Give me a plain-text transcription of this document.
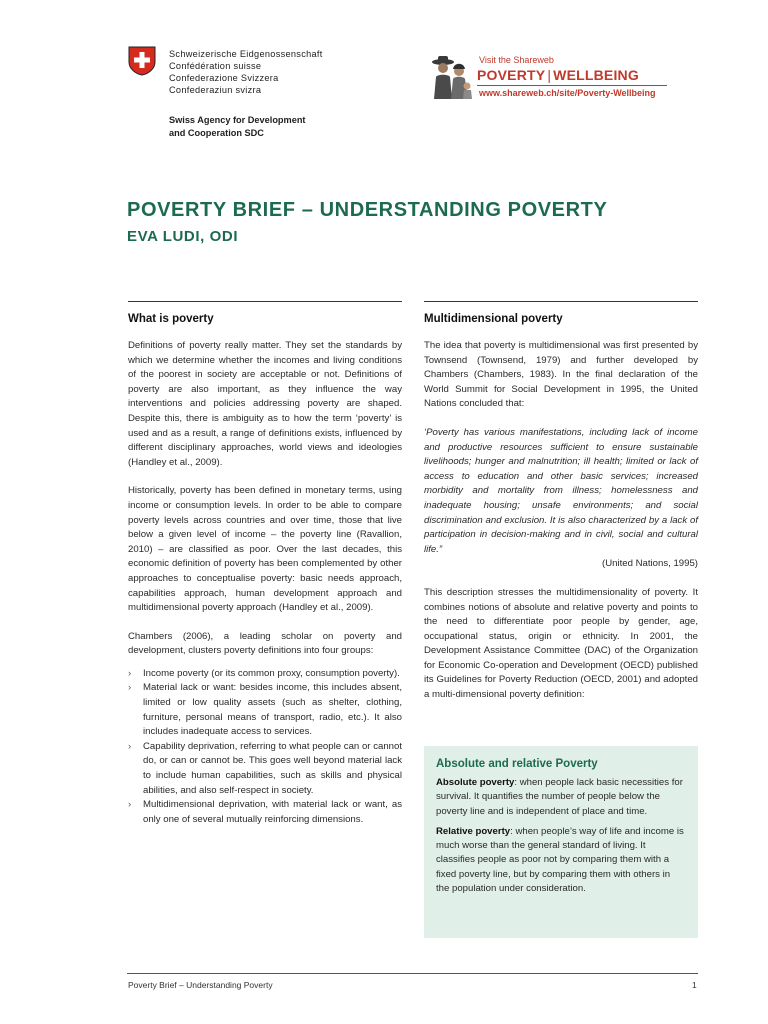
Schweizerische Eidgenossenschaft
Confédération suisse
Confederazione Svizzera
Confederaziun svizra
Swiss Agency for Development
and Cooperation SDC
Visit the Shareweb
POVERTY | WELLBEING
www.shareweb.ch/site/Poverty-Wellbeing
POVERTY BRIEF – UNDERSTANDING POVERTY
EVA LUDI, ODI
What is poverty

Definitions of poverty really matter. They set the standards by which we determine whether the incomes and living conditions of the poorest in society are acceptable or not. Definitions of poverty are also important, as they influence the way interventions and policies addressing poverty are shaped. Despite this, there is ambiguity as to how the term ‘poverty’ is used and as a result, a range of definitions exists, influenced by different disciplinary approaches, world views and ideologies (Handley et al., 2009).

Historically, poverty has been defined in monetary terms, using income or consumption levels. In order to be able to compare poverty levels across countries and over time, those that live below a given level of income – the poverty line (Ravallion, 2010) – are classified as poor. Over the last decades, this economic definition of poverty has been complemented by other approaches to conceptualise poverty: basic needs approach, capabilities approach, human development approach and multidimensional poverty approach (Handley et al., 2009).

Chambers (2006), a leading scholar on poverty and development, clusters poverty definitions into four groups:

› Income poverty (or its common proxy, consumption poverty).
› Material lack or want: besides income, this includes absent, limited or low quality assets (such as shelter, clothing, furniture, personal means of transport, radio, etc.). It also includes inadequate access to services.
› Capability deprivation, referring to what people can or cannot do, or can or cannot be. This goes well beyond material lack to include human capabilities, such as skills and physical abilities, and also self-respect in society.
› Multidimensional deprivation, with material lack or want, as only one of several mutually reinforcing dimensions.
Multidimensional poverty

The idea that poverty is multidimensional was first presented by Townsend (Townsend, 1979) and further developed by Chambers (Chambers, 1983). In the final declaration of the World Summit for Social Development in 1995, the United Nations concluded that:

‘Poverty has various manifestations, including lack of income and productive resources sufficient to ensure sustainable livelihoods; hunger and malnutrition; ill health; limited or lack of access to education and other basic services; increased morbidity and mortality from illness; homelessness and inadequate housing; unsafe environments; and social discrimination and exclusion. It is also characterized by a lack of participation in decision-making and in civil, social and cultural life.”

(United Nations, 1995)

This description stresses the multidimensionality of poverty. It combines notions of absolute and relative poverty and points to the need to differentiate poor people by gender, age, occupational status, origin or ethnicity. In 2001, the Development Assistance Committee (DAC) of the Organization for Economic Co-operation and Development (OECD) published its Guidelines for Poverty Reduction (OECD, 2001) and adopted a multi-dimensional poverty definition:

Absolute and relative Poverty

Absolute poverty: when people lack basic necessities for survival. It quantifies the number of people below the poverty line and is independent of place and time.

Relative poverty: when people’s way of life and income is much worse than the general standard of living. It classifies people as poor not by comparing them with a fixed poverty line, but by comparing them with others in the population under consideration.

Poverty Brief – Understanding Poverty	1
